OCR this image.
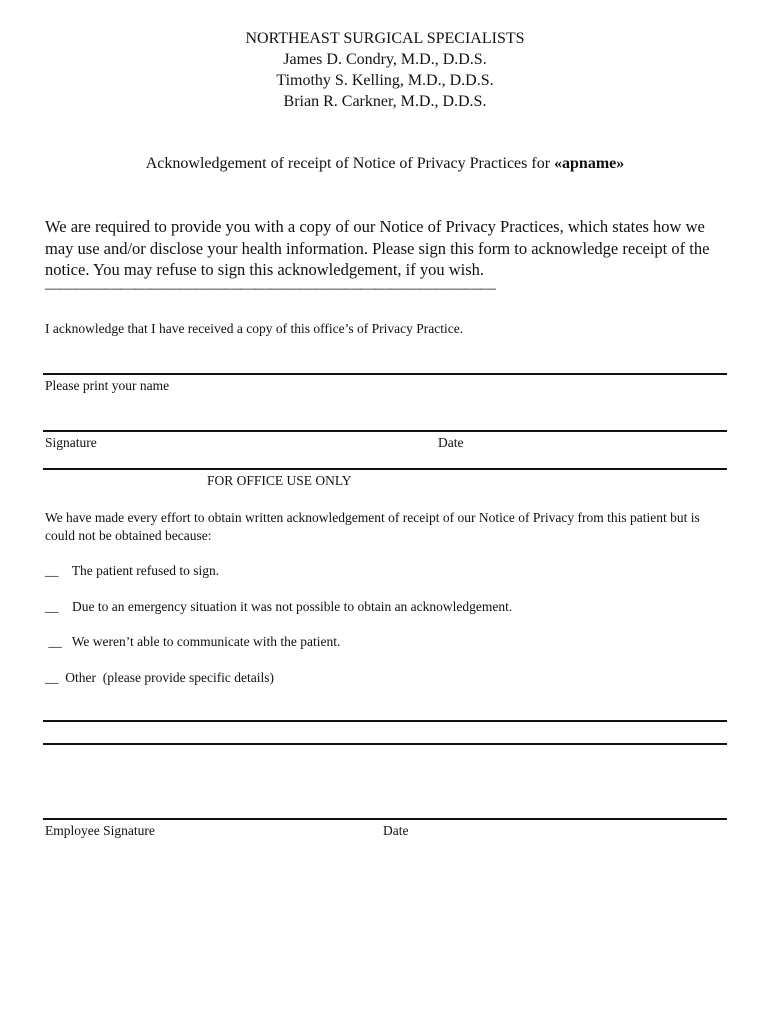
NORTHEAST SURGICAL SPECIALISTS
James D. Condry, M.D., D.D.S.
Timothy S. Kelling, M.D., D.D.S.
Brian R. Carkner, M.D., D.D.S.
Acknowledgement of receipt of Notice of Privacy Practices for «apname»
We are required to provide you with a copy of our Notice of Privacy Practices, which states how we may use and/or disclose your health information. Please sign this form to acknowledge receipt of the notice. You may refuse to sign this acknowledgement, if you wish.
——————————————————————————————
I acknowledge that I have received a copy of this office’s of Privacy Practice.
Please print your name
Signature	Date
FOR OFFICE USE ONLY
We have made every effort to obtain written acknowledgement of receipt of our Notice of Privacy from this patient but is could not be obtained because:
__    The patient refused to sign.
__    Due to an emergency situation it was not possible to obtain an acknowledgement.
__   We weren’t able to communicate with the patient.
__  Other  (please provide specific details)
Employee Signature	Date
